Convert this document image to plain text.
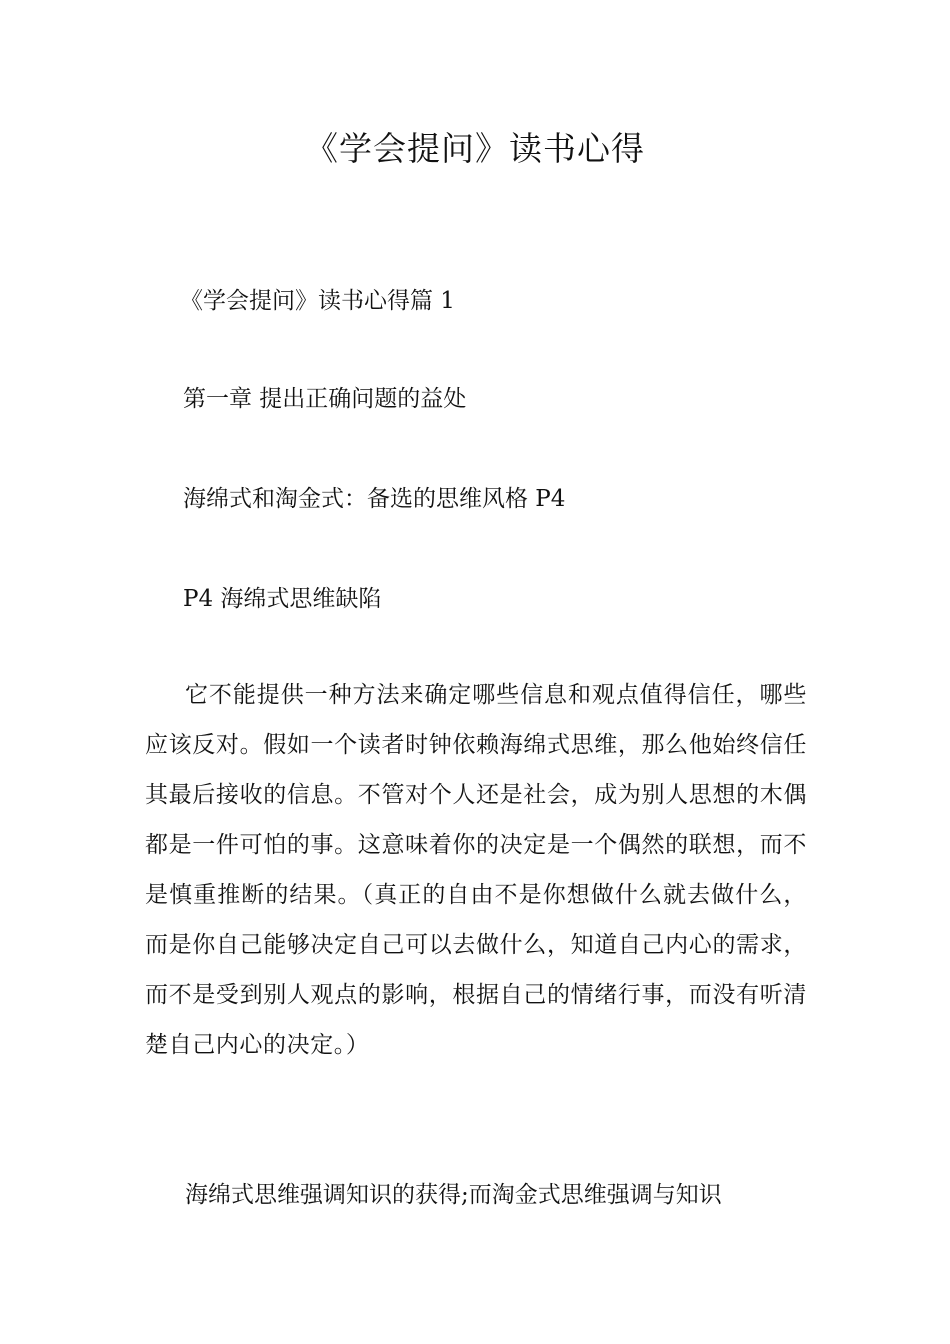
《学会提问》读书心得

《学会提问》读书心得篇 1

第一章 提出正确问题的益处

海绵式和淘金式：备选的思维风格 P4

P4 海绵式思维缺陷

它不能提供一种方法来确定哪些信息和观点值得信任，哪些应该反对。假如一个读者时钟依赖海绵式思维，那么他始终信任其最后接收的信息。不管对个人还是社会，成为别人思想的木偶都是一件可怕的事。这意味着你的决定是一个偶然的联想，而不是慎重推断的结果。（真正的自由不是你想做什么就去做什么，而是你自己能够决定自己可以去做什么，知道自己内心的需求，而不是受到别人观点的影响，根据自己的情绪行事，而没有听清楚自己内心的决定。）

海绵式思维强调知识的获得;而淘金式思维强调与知识
